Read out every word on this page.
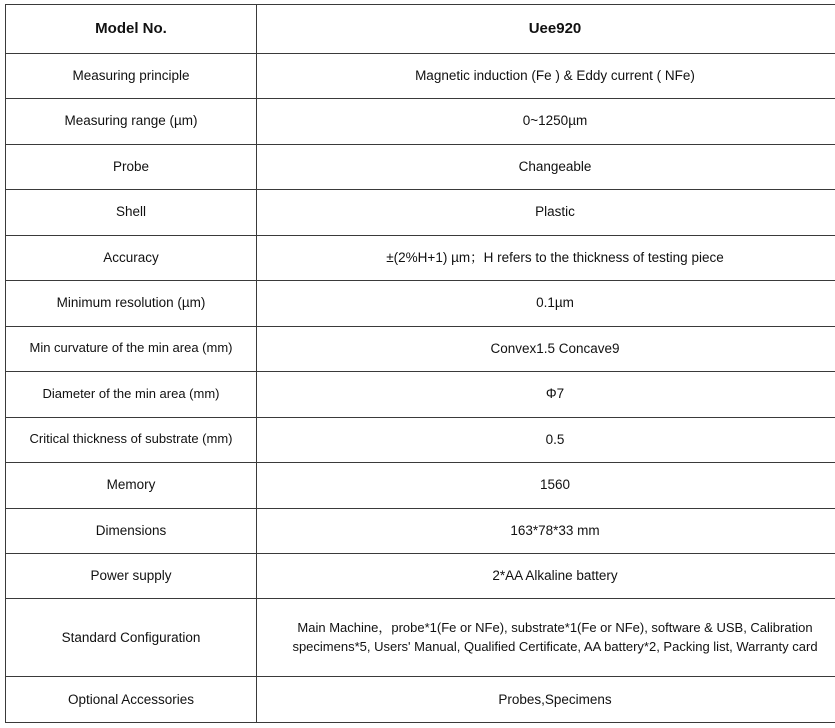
Model No.	Uee920
Measuring principle	Magnetic induction (Fe ) & Eddy current ( NFe)
Measuring range (µm)	0~1250µm
Probe	Changeable
Shell	Plastic
Accuracy	±(2%H+1) µm；H refers to the thickness of testing piece
Minimum resolution (µm)	0.1µm
Min curvature of the min area (mm)	Convex1.5 Concave9
Diameter of the min area (mm)	Φ7
Critical thickness of substrate (mm)	0.5
Memory	1560
Dimensions	163*78*33 mm
Power supply	2*AA Alkaline battery
Standard Configuration	Main Machine，probe*1(Fe or NFe), substrate*1(Fe or NFe), software & USB, Calibration specimens*5, Users' Manual, Qualified Certificate, AA battery*2, Packing list, Warranty card
Optional Accessories	Probes,Specimens
